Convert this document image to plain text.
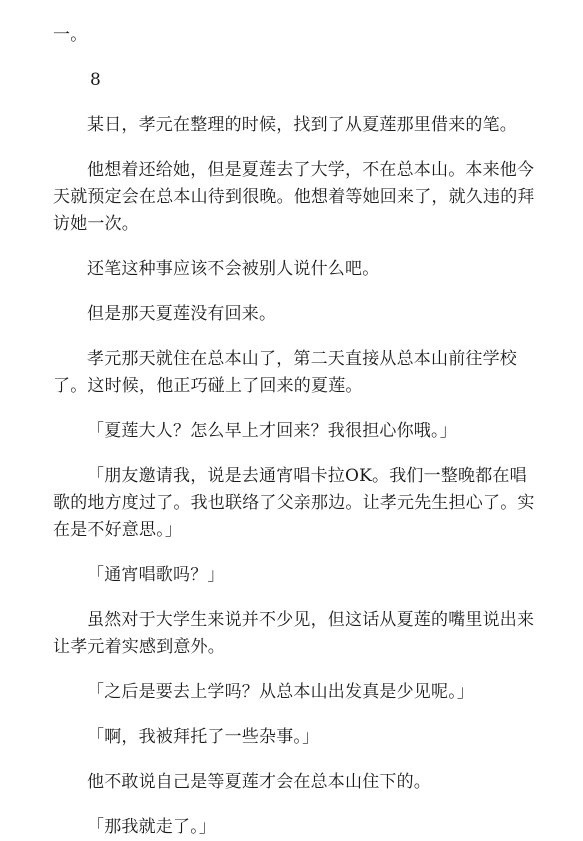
一。

8

某日，孝元在整理的时候，找到了从夏莲那里借来的笔。

他想着还给她，但是夏莲去了大学，不在总本山。本来他今天就预定会在总本山待到很晚。他想着等她回来了，就久违的拜访她一次。

还笔这种事应该不会被别人说什么吧。

但是那天夏莲没有回来。

孝元那天就住在总本山了，第二天直接从总本山前往学校了。这时候，他正巧碰上了回来的夏莲。

「夏莲大人？怎么早上才回来？我很担心你哦。」

「朋友邀请我，说是去通宵唱卡拉OK。我们一整晚都在唱歌的地方度过了。我也联络了父亲那边。让孝元先生担心了。实在是不好意思。」

「通宵唱歌吗？」

虽然对于大学生来说并不少见，但这话从夏莲的嘴里说出来让孝元着实感到意外。

「之后是要去上学吗？从总本山出发真是少见呢。」

「啊，我被拜托了一些杂事。」

他不敢说自己是等夏莲才会在总本山住下的。

「那我就走了。」
